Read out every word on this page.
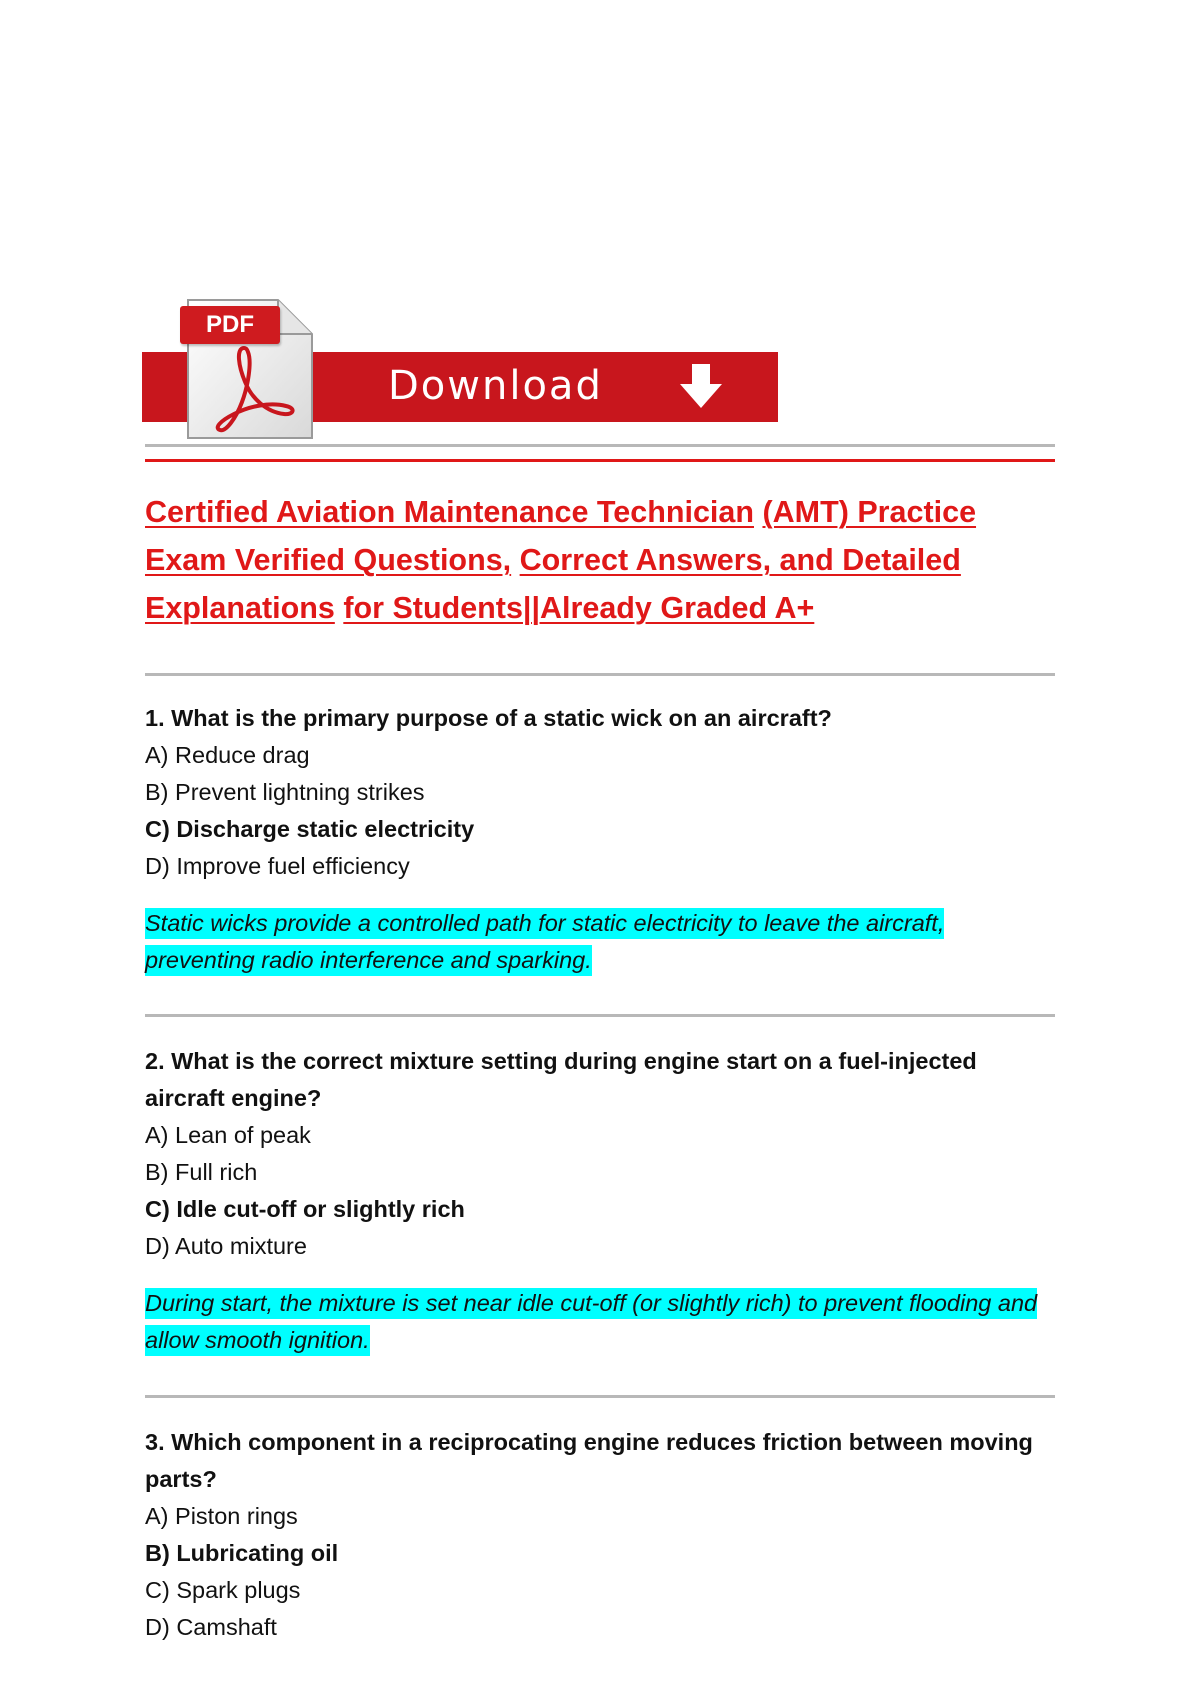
Download
PDF
Certified Aviation Maintenance Technician (AMT) Practice Exam Verified Questions, Correct Answers, and Detailed Explanations for Students||Already Graded A+

1. What is the primary purpose of a static wick on an aircraft?

A) Reduce drag

B) Prevent lightning strikes

C) Discharge static electricity

D) Improve fuel efficiency

Static wicks provide a controlled path for static electricity to leave the aircraft, preventing radio interference and sparking.

2. What is the correct mixture setting during engine start on a fuel-injected aircraft engine?

A) Lean of peak

B) Full rich

C) Idle cut-off or slightly rich

D) Auto mixture

During start, the mixture is set near idle cut-off (or slightly rich) to prevent flooding and allow smooth ignition.

3. Which component in a reciprocating engine reduces friction between moving parts?

A) Piston rings

B) Lubricating oil

C) Spark plugs

D) Camshaft
